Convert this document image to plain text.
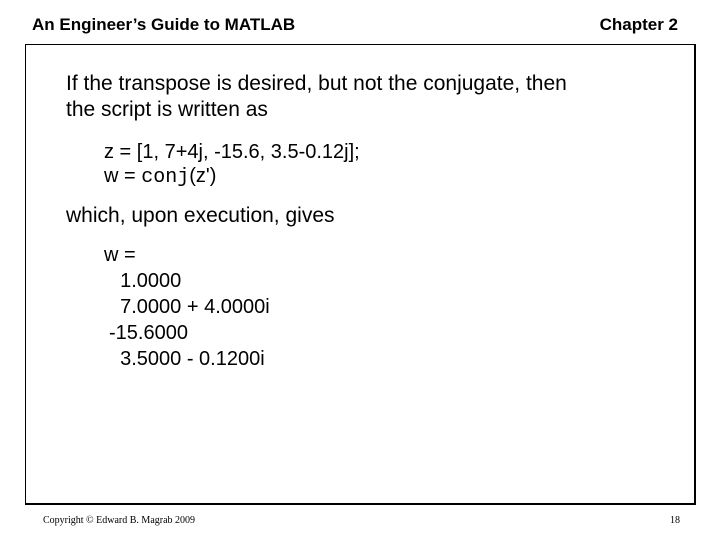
An Engineer’s Guide to MATLAB	Chapter 2
If the transpose is desired, but not the conjugate, then
the script is written as
z = [1, 7+4j, -15.6, 3.5-0.12j];
w = conj(z')
which, upon execution, gives
w =
1.0000
7.0000 + 4.0000i
-15.6000
3.5000 - 0.1200i
Copyright © Edward B. Magrab 2009	18
